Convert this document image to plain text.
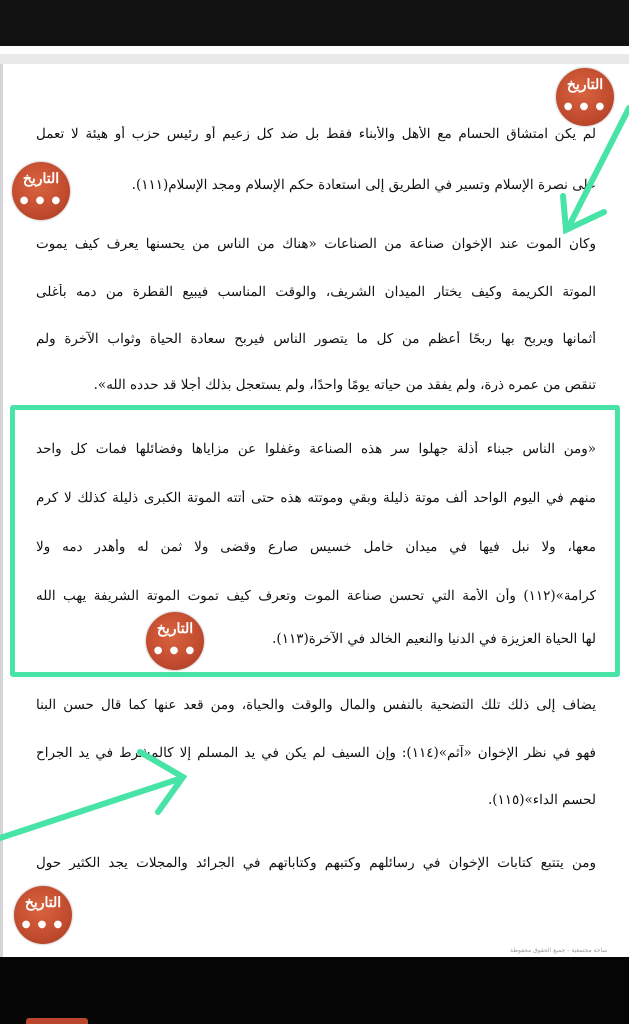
لم يكن امتشاق الحسام مع الأهل والأبناء فقط بل ضد كل زعيم أو رئيس حزب أو هيئة لا تعمل
على نصرة الإسلام وتسير في الطريق إلى استعادة حكم الإسلام ومجد الإسلام(١١١).
وكان الموت عند الإخوان صناعة من الصناعات «هناك من الناس من يحسنها يعرف كيف يموت
الموتة الكريمة وكيف يختار الميدان الشريف، والوقت المناسب فيبيع القطرة من دمه بأغلى
أثمانها ويربح بها ربحًا أعظم من كل ما يتصور الناس فيربح سعادة الحياة وثواب الآخرة ولم
تنقص من عمره ذرة، ولم يفقد من حياته يومًا واحدًا، ولم يستعجل بذلك أجلا قد حدده الله».
«ومن الناس جبناء أذلة جهلوا سر هذه الصناعة وغفلوا عن مزاياها وفضائلها فمات كل واحد
منهم في اليوم الواحد ألف موتة ذليلة وبقي وموتته هذه حتى أتته الموتة الكبرى ذليلة كذلك لا كرم
معها، ولا نبل فيها في ميدان خامل خسيس صارع وقضى ولا ثمن له وأهدر دمه ولا
كرامة»(١١٢) وأن الأمة التي تحسن صناعة الموت وتعرف كيف تموت الموتة الشريفة يهب الله
لها الحياة العزيزة في الدنيا والنعيم الخالد في الآخرة(١١٣).
يضاف إلى ذلك تلك التضحية بالنفس والمال والوقت والحياة، ومن قعد عنها كما قال حسن البنا
فهو في نظر الإخوان «آثم»(١١٤): وإن السيف لم يكن في يد المسلم إلا كالمشرط في يد الجراح
لحسم الداء»(١١٥).
ومن يتتبع كتابات الإخوان في رسائلهم وكتبهم وكتاباتهم في الجرائد والمجلات يجد الكثير حول
التاريخ
● ● ●
التاريخ
● ● ●
التاريخ
● ● ●
التاريخ
● ● ●
ساحة مجتمعية - جميع الحقوق محفوظة
